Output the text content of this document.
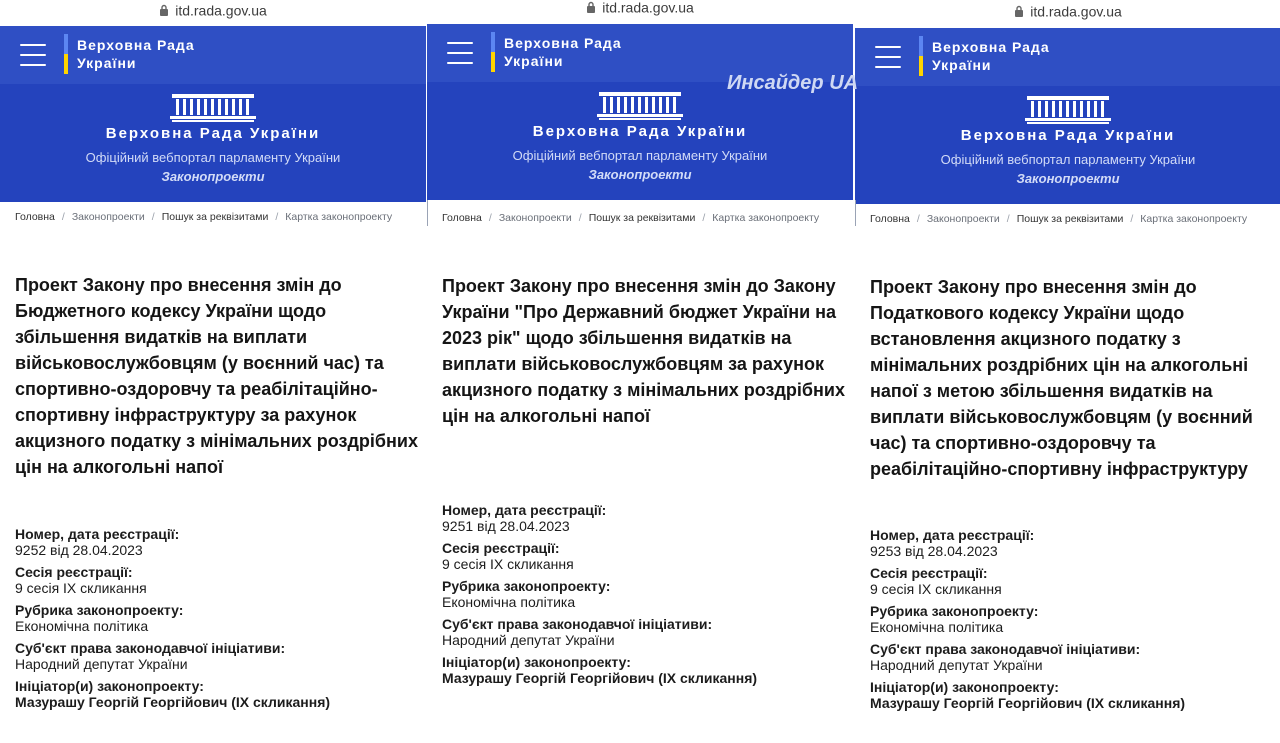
itd.rada.gov.ua
Верховна Рада
України
Верховна Рада України
Офіційний вебпортал парламенту України
Законопроекти
Головна / Законопроекти / Пошук за реквізитами / Картка законопроекту
Проект Закону про внесення змін до Бюджетного кодексу України щодо збільшення видатків на виплати військовослужбовцям (у воєнний час) та спортивно-оздоровчу та реабілітаційно-спортивну інфраструктуру за рахунок акцизного податку з мінімальних роздрібних цін на алкогольні напої
Номер, дата реєстрації:
9252 від 28.04.2023
Сесія реєстрації:
9 сесія IX скликання
Рубрика законопроекту:
Економічна політика
Суб'єкт права законодавчої ініціативи:
Народний депутат України
Ініціатор(и) законопроекту:
Мазурашу Георгій Георгійович (IX скликання)
itd.rada.gov.ua
Верховна Рада
України
Верховна Рада України
Офіційний вебпортал парламенту України
Законопроекти
Головна / Законопроекти / Пошук за реквізитами / Картка законопроекту
Проект Закону про внесення змін до Закону України "Про Державний бюджет України на 2023 рік" щодо збільшення видатків на виплати військовослужбовцям за рахунок акцизного податку з мінімальних роздрібних цін на алкогольні напої
Номер, дата реєстрації:
9251 від 28.04.2023
Сесія реєстрації:
9 сесія IX скликання
Рубрика законопроекту:
Економічна політика
Суб'єкт права законодавчої ініціативи:
Народний депутат України
Ініціатор(и) законопроекту:
Мазурашу Георгій Георгійович (IX скликання)
itd.rada.gov.ua
Верховна Рада
України
Верховна Рада України
Офіційний вебпортал парламенту України
Законопроекти
Головна / Законопроекти / Пошук за реквізитами / Картка законопроекту
Проект Закону про внесення змін до Податкового кодексу України щодо встановлення акцизного податку з мінімальних роздрібних цін на алкогольні напої з метою збільшення видатків на виплати військовослужбовцям (у воєнний час) та спортивно-оздоровчу та реабілітаційно-спортивну інфраструктуру
Номер, дата реєстрації:
9253 від 28.04.2023
Сесія реєстрації:
9 сесія IX скликання
Рубрика законопроекту:
Економічна політика
Суб'єкт права законодавчої ініціативи:
Народний депутат України
Ініціатор(и) законопроекту:
Мазурашу Георгій Георгійович (IX скликання)
Инсайдер UA
